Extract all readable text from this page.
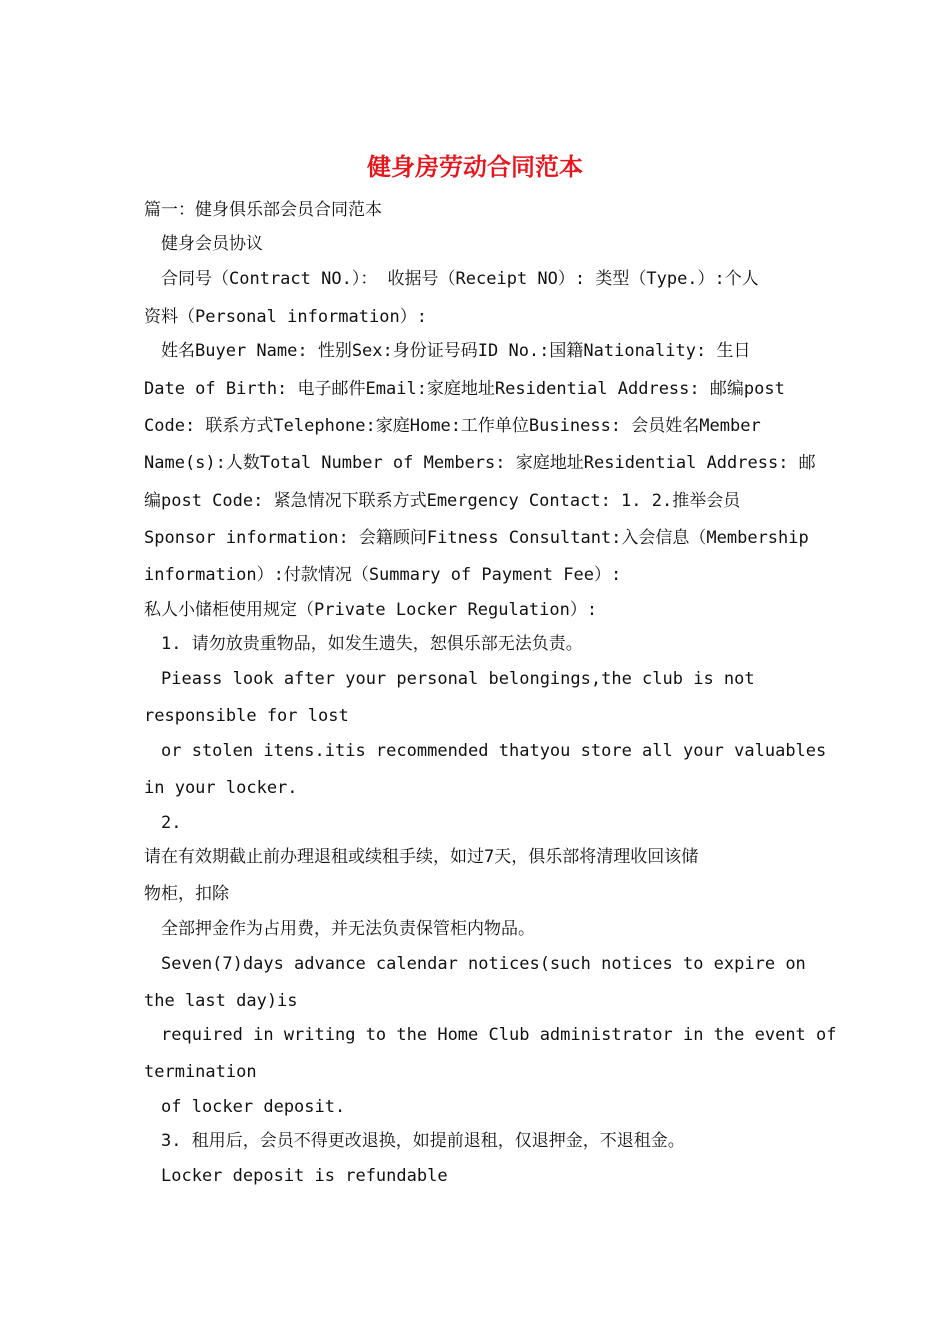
健身房劳动合同范本

篇一：健身俱乐部会员合同范本

　健身会员协议

　合同号（Contract NO.）： 收据号（Receipt NO）: 类型（Type.）:个人

资料（Personal information）:

　姓名Buyer Name: 性别Sex:身份证号码ID No.:国籍Nationality: 生日

Date of Birth: 电子邮件Email:家庭地址Residential Address: 邮编post

Code: 联系方式Telephone:家庭Home:工作单位Business: 会员姓名Member

Name(s):人数Total Number of Members: 家庭地址Residential Address: 邮

编post Code: 紧急情况下联系方式Emergency Contact: 1. 2.推举会员

Sponsor information: 会籍顾问Fitness Consultant:入会信息（Membership

information）:付款情况（Summary of Payment Fee）:

私人小储柜使用规定（Private Locker Regulation）:

　1. 请勿放贵重物品，如发生遗失，恕俱乐部无法负责。

　Pieass look after your personal belongings,the club is not

responsible for lost

　or stolen itens.itis recommended thatyou store all your valuables

in your locker.

　2.

请在有效期截止前办理退租或续租手续，如过7天，俱乐部将清理收回该储

物柜，扣除

　全部押金作为占用费，并无法负责保管柜内物品。

　Seven(7)days advance calendar notices(such notices to expire on

the last day)is

　required in writing to the Home Club administrator in the event of

termination

　of locker deposit.

　3. 租用后，会员不得更改退换，如提前退租，仅退押金，不退租金。

　Locker deposit is refundable
